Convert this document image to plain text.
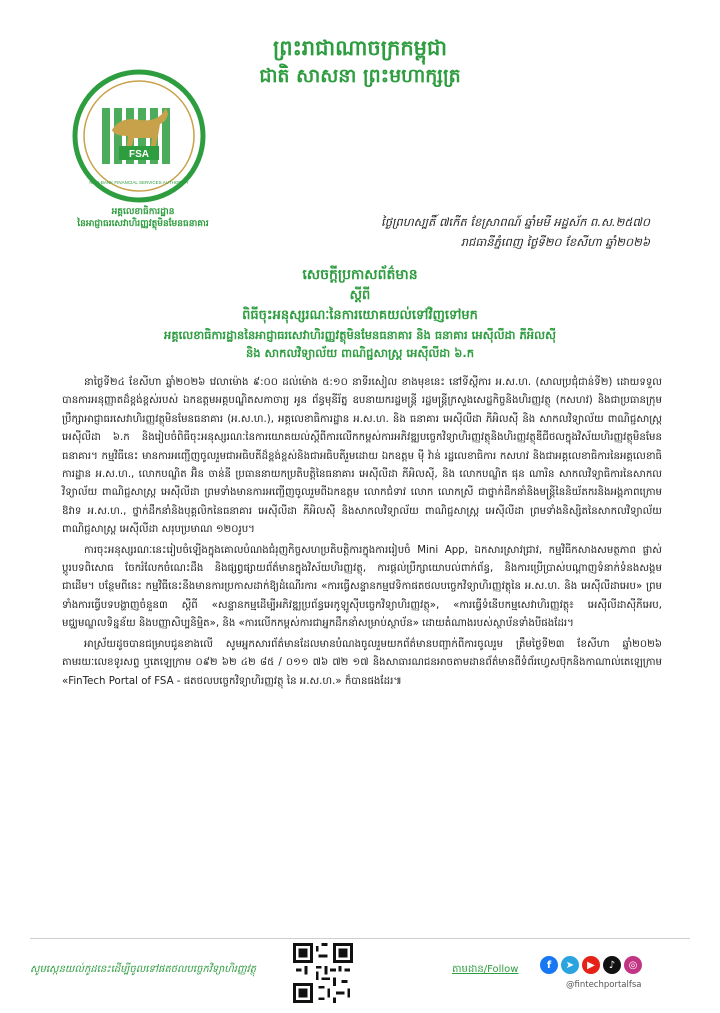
ព្រះរាជាណាចក្រកម្ពុជា
ជាតិ សាសនា ព្រះមហាក្សត្រ
FSA
NON-BANK FINANCIAL SERVICES AUTHORITY
អគ្គលេខាធិការដ្ឋាន
នៃអាជ្ញាធរសេវាហិរញ្ញវត្ថុមិនមែនធនាគារ	ថ្ងៃព្រហស្បតិ៍ ៧កើត ខែស្រាពណ៍ ឆ្នាំមមី អដ្ឋស័ក ព.ស.២៥៧០
រាជធានីភ្នំពេញ ថ្ងៃទី២០ ខែសីហា ឆ្នាំ២០២៦
សេចក្តីប្រកាសព័ត៌មាន
ស្តីពី
ពិធីចុះអនុស្សរណៈនៃការយោគយល់ទៅវិញទៅមក
អគ្គលេខាធិការដ្ឋាននៃអាជ្ញាធរសេវាហិរញ្ញវត្ថុមិនមែនធនាគារ និង ធនាគារ អេស៊ីលីដា ភីអិលស៊ី
និង សាកលវិទ្យាល័យ ពាណិជ្ជសាស្ត្រ អេស៊ីលីដា ៦.ក

នាថ្ងៃទី២៤ ខែសីហា ឆ្នាំ២០២៦ វេលាម៉ោង ៩:០០ ដល់ម៉ោង ៥:១០ នាទីរសៀល ខាងមុខនេះ នៅទីស្តីការ អ.ស.ហ. (សាលប្រជុំជាន់ទី២) ដោយទទួលបានការអនុញ្ញាតដ៏ខ្ពង់ខ្ពស់របស់ ឯកឧត្តមអគ្គបណ្ឌិតសភាចារ្យ អូន ព័ន្ធមុនីរ័ត្ន ឧបនាយករដ្ឋមន្ត្រី រដ្ឋមន្ត្រីក្រសួងសេដ្ឋកិច្ចនិងហិរញ្ញវត្ថុ (កសហវ) និងជាប្រធានក្រុមប្រឹក្សាអាជ្ញាធរសេវាហិរញ្ញវត្ថុមិនមែនធនាគារ (អ.ស.ហ.), អគ្គលេខាធិការដ្ឋាន អ.ស.ហ. និង ធនាគារ អេស៊ីលីដា ភីអិលស៊ី និង សាកលវិទ្យាល័យ ពាណិជ្ជសាស្ត្រ អេស៊ីលីដា ៦.ក និងរៀបចំពិធីចុះអនុស្សរណៈនៃការយោគយល់ស្តីពីការលើកកម្ពស់ការអភិវឌ្ឍបច្ចេកវិទ្យាហិរញ្ញវត្ថុនិងហិរញ្ញវត្ថុឌីជីថលក្នុងវិស័យហិរញ្ញវត្ថុមិនមែនធនាគារ។ កម្មវិធីនេះ មានការអញ្ជើញចូលរួមជាអធិបតីដ៏ខ្ពង់ខ្ពស់និងជាអធិបតីរួមដោយ ឯកឧត្តម ម៉ី វ៉ាន់ រដ្ឋលេខាធិការ កសហវ និងជាអគ្គលេខាធិការនៃអគ្គលេខាធិការដ្ឋាន អ.ស.ហ., លោកបណ្ឌិត អ៊ិន ចាន់នី ប្រធាននាយកប្រតិបត្តិនៃធនាគារ អេស៊ីលីដា ភីអិលស៊ី, និង លោកបណ្ឌិត ផុន ណារិន សាកលវិទ្យាធិការនៃសាកលវិទ្យាល័យ ពាណិជ្ជសាស្ត្រ អេស៊ីលីដា ព្រមទាំងមានការអញ្ជើញចូលរួមពីឯកឧត្តម លោកជំទាវ លោក លោកស្រី ជាថ្នាក់ដឹកនាំនិងមន្ត្រីនៃនិយ័តករនិងអង្គភាពក្រោមឱវាទ អ.ស.ហ., ថ្នាក់ដឹកនាំនិងបុគ្គលិកនៃធនាគារ អេស៊ីលីដា ភីអិលស៊ី និងសាកលវិទ្យាល័យ ពាណិជ្ជសាស្ត្រ អេស៊ីលីដា ព្រមទាំងនិស្សិតនៃសាកលវិទ្យាល័យ ពាណិជ្ជសាស្ត្រ អេស៊ីលីដា សរុបប្រមាណ ១២០រូប។

ការចុះអនុស្សរណៈនេះរៀបចំឡើងក្នុងគោលបំណងជំរុញកិច្ចសហប្រតិបត្តិការក្នុងការរៀបចំ Mini App, ឯកសារស្រាវជ្រាវ, កម្មវិធីកសាងសមត្ថភាព ផ្លាស់ប្តូរបទពិសោធ ចែករំលែកចំណេះដឹង និងផ្សព្វផ្សាយព័ត៌មានក្នុងវិស័យហិរញ្ញវត្ថុ, ការផ្តល់ប្រឹក្សាយោបល់ពាក់ព័ន្ធ, និងការប្រើប្រាស់បណ្តាញទំនាក់ទំនងសង្គមជាដើម។ បន្ថែមពីនេះ កម្មវិធីនេះនឹងមានការប្រកាសដាក់ឱ្យដំណើរការ «ការធ្វើសន្ទានកម្មវេទិកាផតថលបច្ចេកវិទ្យាហិរញ្ញវត្ថុនៃ អ.ស.ហ. និង អេស៊ីលីដាអេប» ព្រមទាំងការធ្វើបទបង្ហាញចំនួន៣ ស្តីពី «សន្ទានកម្មដើម្បីអភិវឌ្ឍប្រព័ន្ធអេកូឡូស៊ីបច្ចេកវិទ្យាហិរញ្ញវត្ថុ», «ការធ្វើទំនើបកម្មសេវាហិរញ្ញវត្ថុ៖ អេស៊ីលីដាសុីភីអេប, មជ្ឈមណ្ឌលទិន្នន័យ និងបញ្ញាសិប្បនិម្មិត», និង «ការលើកកម្ពស់ការជាអ្នកដឹកនាំសម្រាប់ស្ថាប័ន» ដោយតំណាងរបស់ស្ថាប័នទាំងបីផងដែរ។

អាស្រ័យដូចបានជម្រាបជូនខាងលើ សូមអ្នកសារព័ត៌មានដែលមានបំណងចូលរួមយកព័ត៌មានបញ្ជាក់ពីការចូលរួម ត្រឹមថ្ងៃទី២៣ ខែសីហា ឆ្នាំ២០២៦ តាមរយៈលេខទូរសព្ទ ឬតេឡេក្រាម ០៩២ ៦២ ៤២ ៨៥ / ០១១ ៧៦ ៧២ ១៧ និងសាធារណជនអាចតាមដានព័ត៌មានពីទំព័រហ្វេសប៊ុកនិងកាណាល់តេឡេក្រាម «FinTech Portal of FSA - ផតថលបច្ចេកវិទ្យាហិរញ្ញវត្ថុ នៃ អ.ស.ហ.» ក៏បានផងដែរ៕

សូមស្កេនយល់កូដនេះដើម្បីចូលទៅផតថលបច្ចេកវិទ្យាហិរញ្ញវត្ថុ	តាមដាន/Follow	f	➤	▶	♪	◎
@fintechportalfsa
